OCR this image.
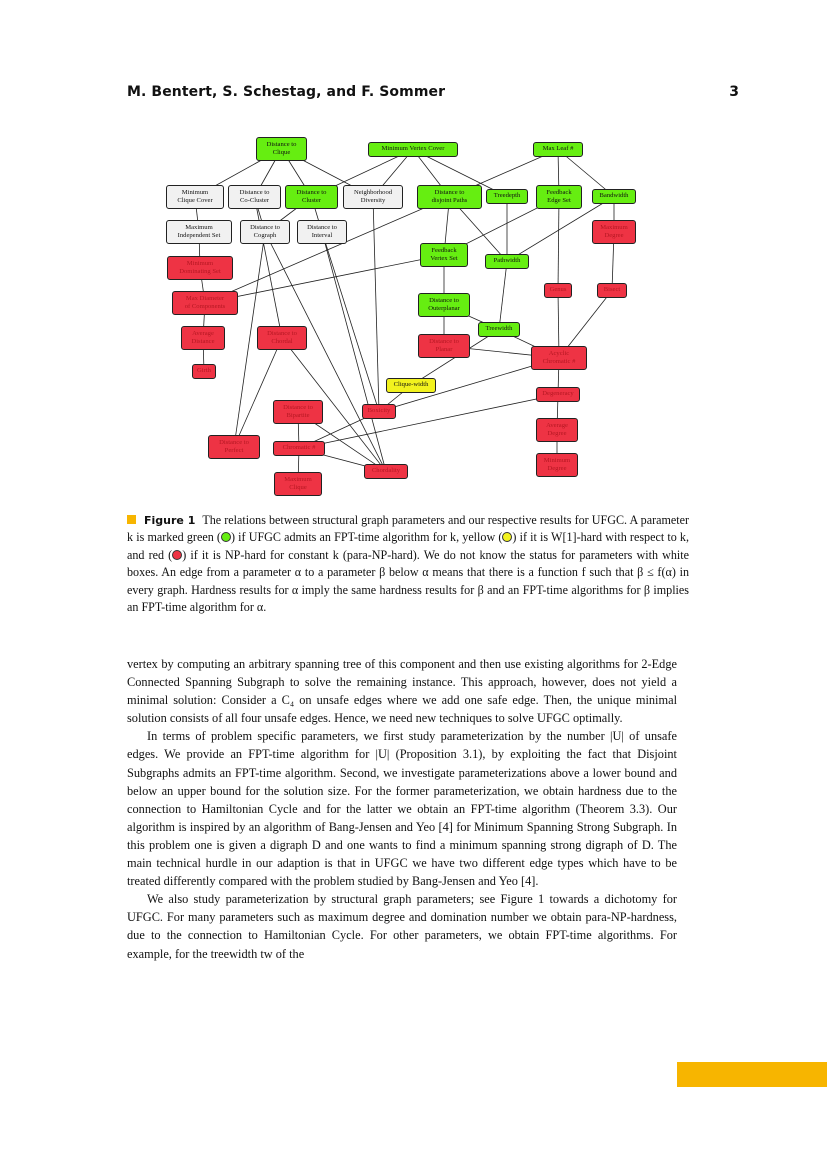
M. Bentert, S. Schestag, and F. Sommer	3
Distance to
Clique
Minimum Vertex Cover	Max Leaf #
Minimum
Clique Cover
Distance to
Co-Cluster
Distance to
Cluster
Neighborhood
Diversity
Distance to
disjoint Paths
Treedepth
Feedback
Edge Set
Bandwidth
Maximum
Independent Set
Distance to
Cograph
Distance to
Interval
Feedback
Vertex Set	Pathwidth
Maximum
Degree
Minimum
Dominating Set
Genus	Bisect
Max Diameter
of Components
Distance to
Outerplanar
Treewidth
Average
Distance
Distance to
Chordal	Distance to
Planar
Acyclic
Chromatic #
Girth
Clique-width
Degeneracy
Distance to
Bipartite
Boxicity
Average
Degree
Distance to
Perfect	Chromatic #
Minimum
Degree
Chordality
Maximum
Clique
Figure 1 The relations between structural graph parameters and our respective results for UFGC. A parameter k is marked green ( ) if UFGC admits an FPT-time algorithm for k, yellow ( ) if it is W[1]-hard with respect to k, and red ( ) if it is NP-hard for constant k (para-NP-hard). We do not know the status for parameters with white boxes. An edge from a parameter α to a parameter β below α means that there is a function f such that β ≤ f(α) in every graph. Hardness results for α imply the same hardness results for β and an FPT-time algorithms for β implies an FPT-time algorithm for α.

vertex by computing an arbitrary spanning tree of this component and then use existing algorithms for 2-Edge Connected Spanning Subgraph to solve the remaining instance. This approach, however, does not yield a minimal solution: Consider a C₄ on unsafe edges where we add one safe edge. Then, the unique minimal solution consists of all four unsafe edges. Hence, we need new techniques to solve UFGC optimally.

In terms of problem specific parameters, we first study parameterization by the number |U| of unsafe edges. We provide an FPT-time algorithm for |U| (Proposition 3.1), by exploiting the fact that Disjoint Subgraphs admits an FPT-time algorithm. Second, we investigate parameterizations above a lower bound and below an upper bound for the solution size. For the former parameterization, we obtain hardness due to the connection to Hamiltonian Cycle and for the latter we obtain an FPT-time algorithm (Theorem 3.3). Our algorithm is inspired by an algorithm of Bang-Jensen and Yeo [4] for Minimum Spanning Strong Subgraph. In this problem one is given a digraph D and one wants to find a minimum spanning strong digraph of D. The main technical hurdle in our adaption is that in UFGC we have two different edge types which have to be treated differently compared with the problem studied by Bang-Jensen and Yeo [4].

We also study parameterization by structural graph parameters; see Figure 1 towards a dichotomy for UFGC. For many parameters such as maximum degree and domination number we obtain para-NP-hardness, due to the connection to Hamiltonian Cycle. For other parameters, we obtain FPT-time algorithms. For example, for the treewidth tw of the
